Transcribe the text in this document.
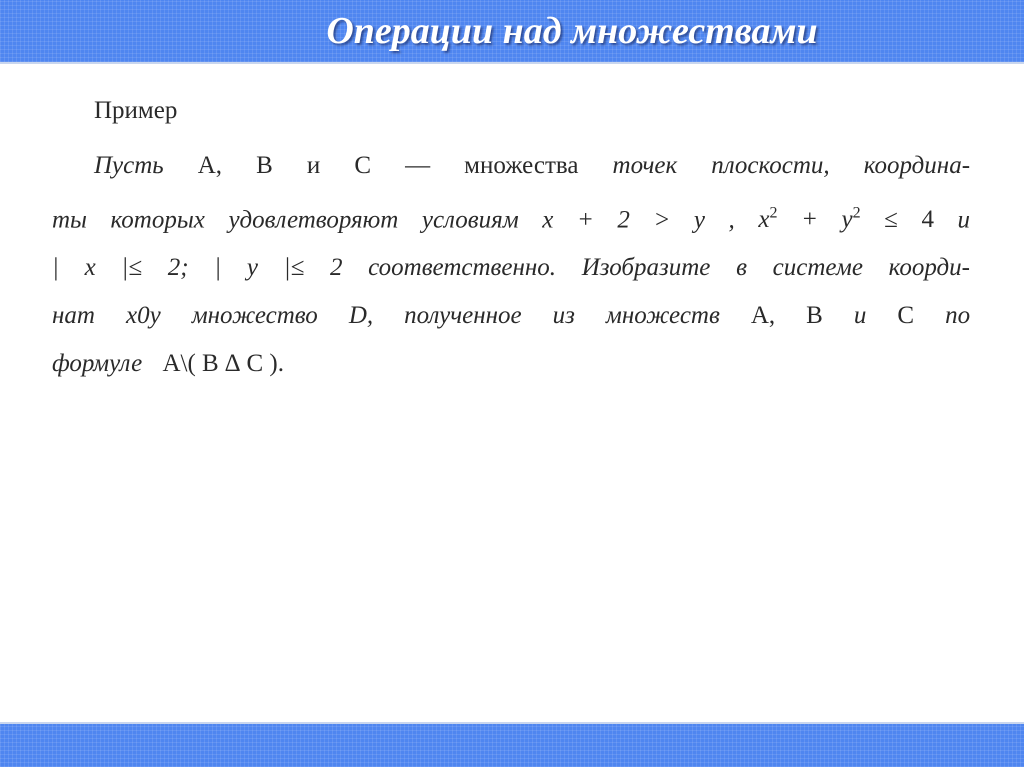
Операции над множествами
Пример
Пусть A, B и C — множества точек плоскости, координа-
ты которых удовлетворяют условиям x + 2 > y , $x^2 + y^2 \le 4$ и
| x |≤ 2; | y |≤ 2 соответственно. Изобразите в системе коорди-
нат x0y множество D, полученное из множеств A, B и C по
формуле A\( B ∆ C ).
